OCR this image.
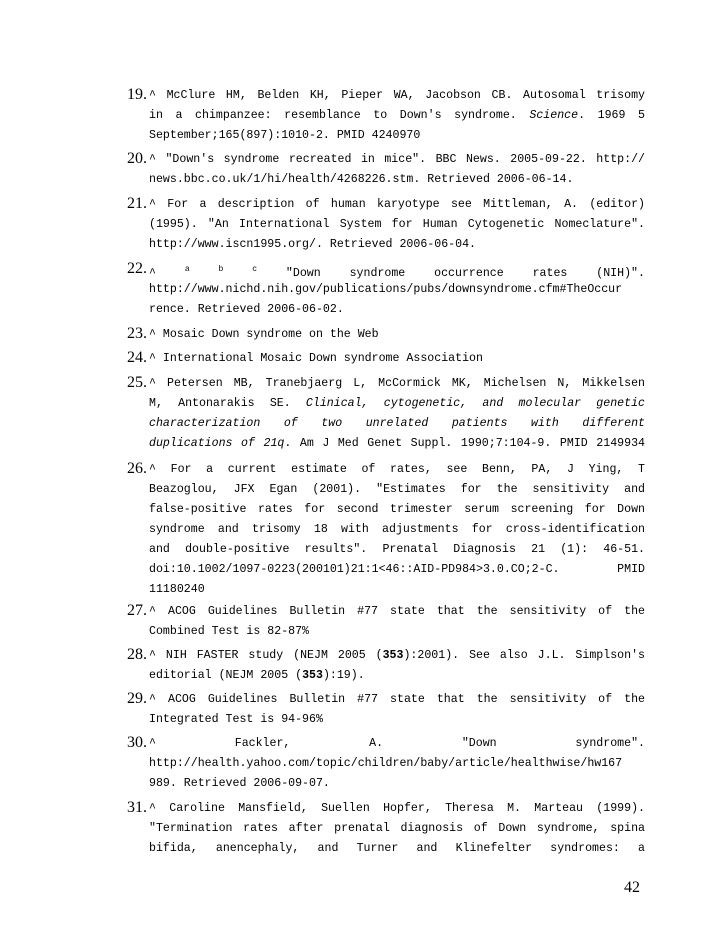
19. ^ McClure HM, Belden KH, Pieper WA, Jacobson CB. Autosomal trisomy
in a chimpanzee: resemblance to Down's syndrome. Science. 1969 5
September;165(897):1010-2. PMID 4240970
20. ^ "Down's syndrome recreated in mice". BBC News. 2005-09-22. http://
news.bbc.co.uk/1/hi/health/4268226.stm. Retrieved 2006-06-14.
21. ^ For a description of human karyotype see Mittleman, A. (editor)
(1995). "An International System for Human Cytogenetic Nomeclature".
http://www.iscn1995.org/. Retrieved 2006-06-04.
22. ^	$^a$	$^b$	$^c$ "Down syndrome occurrence rates (NIH)".
http://www.nichd.nih.gov/publications/pubs/downsyndrome.cfm#TheOccur
rence. Retrieved 2006-06-02.
23. ^ Mosaic Down syndrome on the Web
24. ^ International Mosaic Down syndrome Association
25. ^ Petersen MB, Tranebjaerg L, McCormick MK, Michelsen N, Mikkelsen
M, Antonarakis SE. Clinical, cytogenetic, and molecular genetic
characterization of two unrelated patients with different
duplications of 21q. Am J Med Genet Suppl. 1990;7:104-9. PMID 2149934
26. ^ For a current estimate of rates, see Benn, PA, J Ying, T
Beazoglou, JFX Egan (2001). "Estimates for the sensitivity and
false-positive rates for second trimester serum screening for Down
syndrome and trisomy 18 with adjustments for cross-identification
and double-positive results". Prenatal Diagnosis 21 (1): 46-51.
doi:10.1002/1097-0223(200101)21:1<46::AID-PD984>3.0.CO;2-C. PMID
11180240
27. ^ ACOG Guidelines Bulletin #77 state that the sensitivity of the
Combined Test is 82-87%
28. ^ NIH FASTER study (NEJM 2005 (353):2001). See also J.L. Simplson's
editorial (NEJM 2005 (353):19).
29. ^ ACOG Guidelines Bulletin #77 state that the sensitivity of the
Integrated Test is 94-96%
30. ^ Fackler, A. "Down syndrome".
http://health.yahoo.com/topic/children/baby/article/healthwise/hw167
989. Retrieved 2006-09-07.
31. ^ Caroline Mansfield, Suellen Hopfer, Theresa M. Marteau (1999).
"Termination rates after prenatal diagnosis of Down syndrome, spina
bifida, anencephaly, and Turner and Klinefelter syndromes: a
42
